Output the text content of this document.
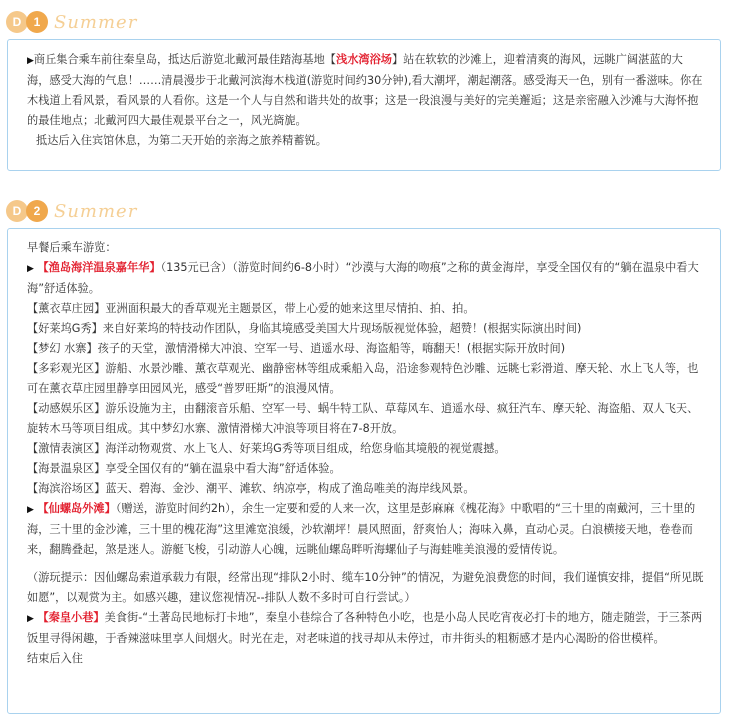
D	1 Summer

▶商丘集合乘车前往秦皇岛，抵达后游览北戴河最佳踏海基地【浅水湾浴场】站在软软的沙滩上，迎着清爽的海风，远眺广阔湛蓝的大海，感受大海的气息！……清晨漫步于北戴河滨海木栈道(游览时间约30分钟),看大潮坪，潮起潮落。感受海天一色，别有一番滋味。你在木栈道上看风景，看风景的人看你。这是一个人与自然和谐共处的故事；这是一段浪漫与美好的完美邂逅；这是亲密融入沙滩与大海怀抱的最佳地点；北戴河四大最佳观景平台之一，风光旖旎。

抵达后入住宾馆休息，为第二天开始的亲海之旅养精蓄锐。

D	2 Summer

早餐后乘车游览：

▶ 【渔岛海洋温泉嘉年华】（135元已含）（游览时间约6-8小时）“沙漠与大海的吻痕”之称的黄金海岸，享受全国仅有的“躺在温泉中看大海”舒适体验。

【薰衣草庄园】亚洲面积最大的香草观光主题景区，带上心爱的她来这里尽情拍、拍、拍。

【好莱坞G秀】来自好莱坞的特技动作团队，身临其境感受美国大片现场版视觉体验，超赞！(根据实际演出时间)

【梦幻 水寨】孩子的天堂，激情滑梯大冲浪、空军一号、逍遥水母、海盗船等，嗨翻天！(根据实际开放时间)

【多彩观光区】游船、水景沙雕、薰衣草观光、幽静密林等组成乘船入岛，沿途参观特色沙雕、远眺七彩滑道、摩天轮、水上飞人等，也可在薰衣草庄园里静享田园风光，感受“普罗旺斯”的浪漫风情。

【动感娱乐区】游乐设施为主，由翻滚音乐船、空军一号、蜗牛特工队、草莓风车、逍遥水母、疯狂汽车、摩天轮、海盗船、双人飞天、旋转木马等项目组成。其中梦幻水寨、激情滑梯大冲浪等项目将在7-8开放。

【激情表演区】海洋动物观赏、水上飞人、好莱坞G秀等项目组成，给您身临其境般的视觉震撼。

【海景温泉区】享受全国仅有的“躺在温泉中看大海”舒适体验。

【海滨浴场区】蓝天、碧海、金沙、潮平、滩软、纳凉亭，构成了渔岛唯美的海岸线风景。

▶ 【仙螺岛外滩】（赠送，游览时间约2h），余生一定要和爱的人来一次，这里是彭麻麻《槐花海》中歌唱的“三十里的南戴河，三十里的海，三十里的金沙滩，三十里的槐花海”这里滩宽浪缓，沙软潮坪！晨风照面，舒爽怡人；海味入鼻，直动心灵。白浪横接天地，卷卷而来，翻腾叠起，煞是迷人。游艇飞梭，引动游人心魄，远眺仙螺岛畔听海螺仙子与海蛙唯美浪漫的爱情传说。

（游玩提示：因仙螺岛索道承载力有限，经常出现“排队2小时、缆车10分钟”的情况，为避免浪费您的时间，我们谨慎安排，提倡“所见既如愿”，以观赏为主。如感兴趣，建议您视情况--排队人数不多时可自行尝试。）

▶ 【秦皇小巷】美食街-“土著岛民地标打卡地”，秦皇小巷综合了各种特色小吃，也是小岛人民吃宵夜必打卡的地方，随走随尝，于三茶两饭里寻得闲趣，于香辣滋味里享人间烟火。时光在走，对老味道的找寻却从未停过，市井街头的粗粝感才是内心渴盼的俗世模样。

结束后入住
